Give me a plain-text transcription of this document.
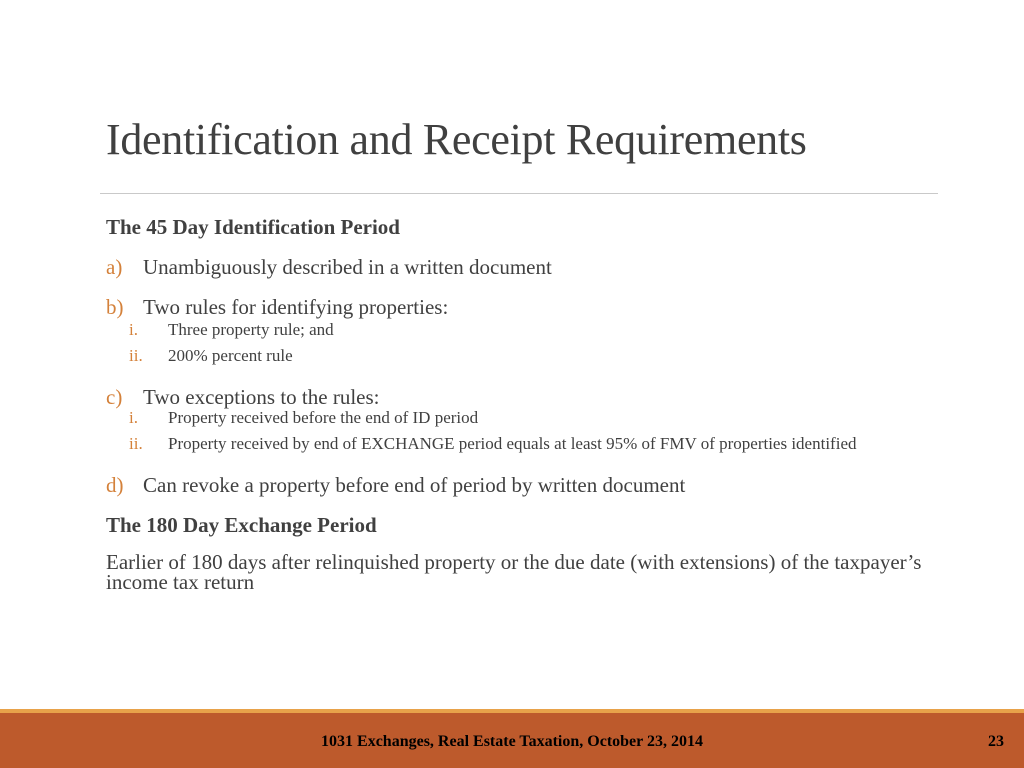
Identification and Receipt Requirements
The 45 Day Identification Period
a) Unambiguously described in a written document
b) Two rules for identifying properties:
i. Three property rule; and
ii. 200% percent rule
c) Two exceptions to the rules:
i. Property received before the end of ID period
ii. Property received by end of EXCHANGE period equals at least 95% of FMV of properties identified
d) Can revoke a property before end of period by written document
The 180 Day Exchange Period
Earlier of 180 days after relinquished property or the due date (with extensions) of the taxpayer’s income tax return
1031 Exchanges, Real Estate Taxation, October 23, 2014	23
